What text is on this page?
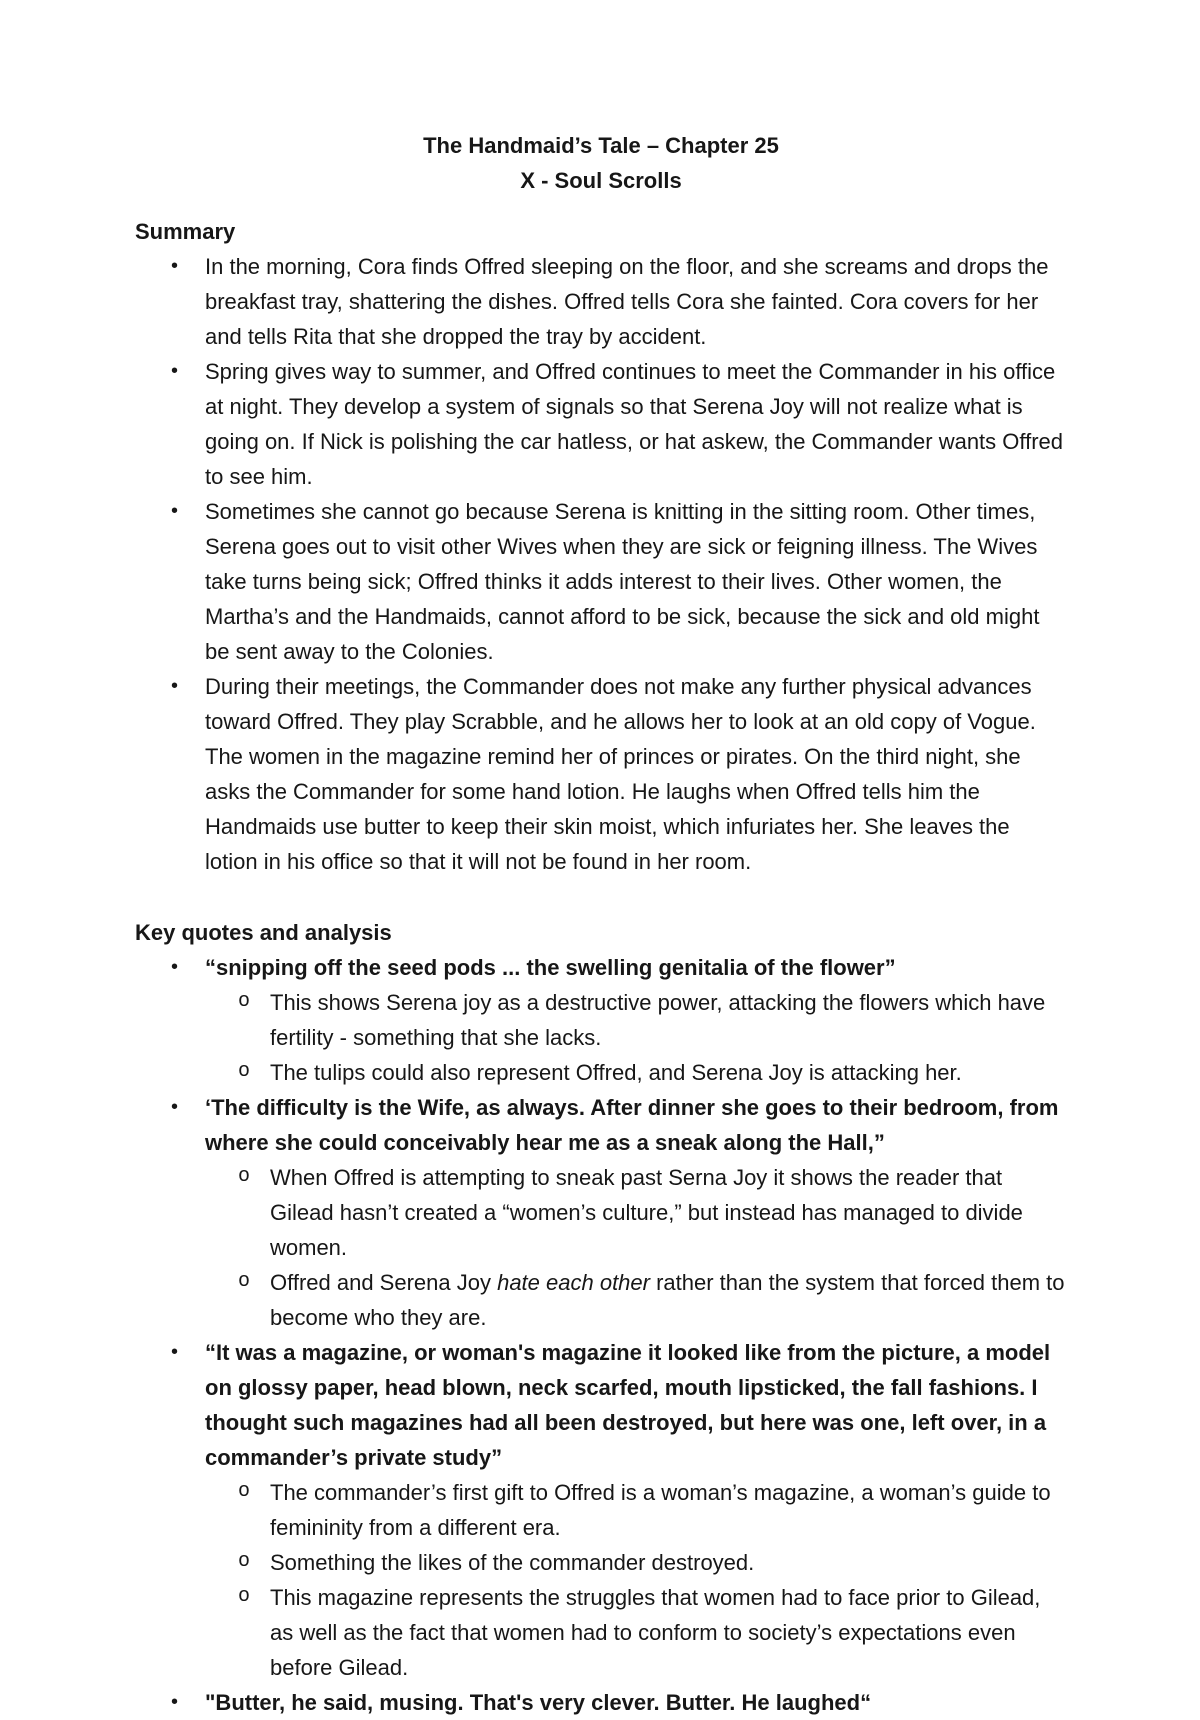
The Handmaid’s Tale – Chapter 25
X - Soul Scrolls
Summary
• In the morning, Cora finds Offred sleeping on the floor, and she screams and drops the breakfast tray, shattering the dishes. Offred tells Cora she fainted. Cora covers for her and tells Rita that she dropped the tray by accident.
• Spring gives way to summer, and Offred continues to meet the Commander in his office at night. They develop a system of signals so that Serena Joy will not realize what is going on. If Nick is polishing the car hatless, or hat askew, the Commander wants Offred to see him.
• Sometimes she cannot go because Serena is knitting in the sitting room. Other times, Serena goes out to visit other Wives when they are sick or feigning illness. The Wives take turns being sick; Offred thinks it adds interest to their lives. Other women, the Martha’s and the Handmaids, cannot afford to be sick, because the sick and old might be sent away to the Colonies.
• During their meetings, the Commander does not make any further physical advances toward Offred. They play Scrabble, and he allows her to look at an old copy of Vogue. The women in the magazine remind her of princes or pirates. On the third night, she asks the Commander for some hand lotion. He laughs when Offred tells him the Handmaids use butter to keep their skin moist, which infuriates her. She leaves the lotion in his office so that it will not be found in her room.
Key quotes and analysis
• “snipping off the seed pods ... the swelling genitalia of the flower”
o This shows Serena joy as a destructive power, attacking the flowers which have fertility - something that she lacks.
o The tulips could also represent Offred, and Serena Joy is attacking her.
• ‘The difficulty is the Wife, as always. After dinner she goes to their bedroom, from where she could conceivably hear me as a sneak along the Hall,”
o When Offred is attempting to sneak past Serna Joy it shows the reader that Gilead hasn’t created a “women’s culture,” but instead has managed to divide women.
o Offred and Serena Joy hate each other rather than the system that forced them to become who they are.
• “It was a magazine, or woman's magazine it looked like from the picture, a model on glossy paper, head blown, neck scarfed, mouth lipsticked, the fall fashions. I thought such magazines had all been destroyed, but here was one, left over, in a commander’s private study”
o The commander’s first gift to Offred is a woman’s magazine, a woman’s guide to femininity from a different era.
o Something the likes of the commander destroyed.
o This magazine represents the struggles that women had to face prior to Gilead, as well as the fact that women had to conform to society’s expectations even before Gilead.
• "Butter, he said, musing. That's very clever. Butter. He laughed“
